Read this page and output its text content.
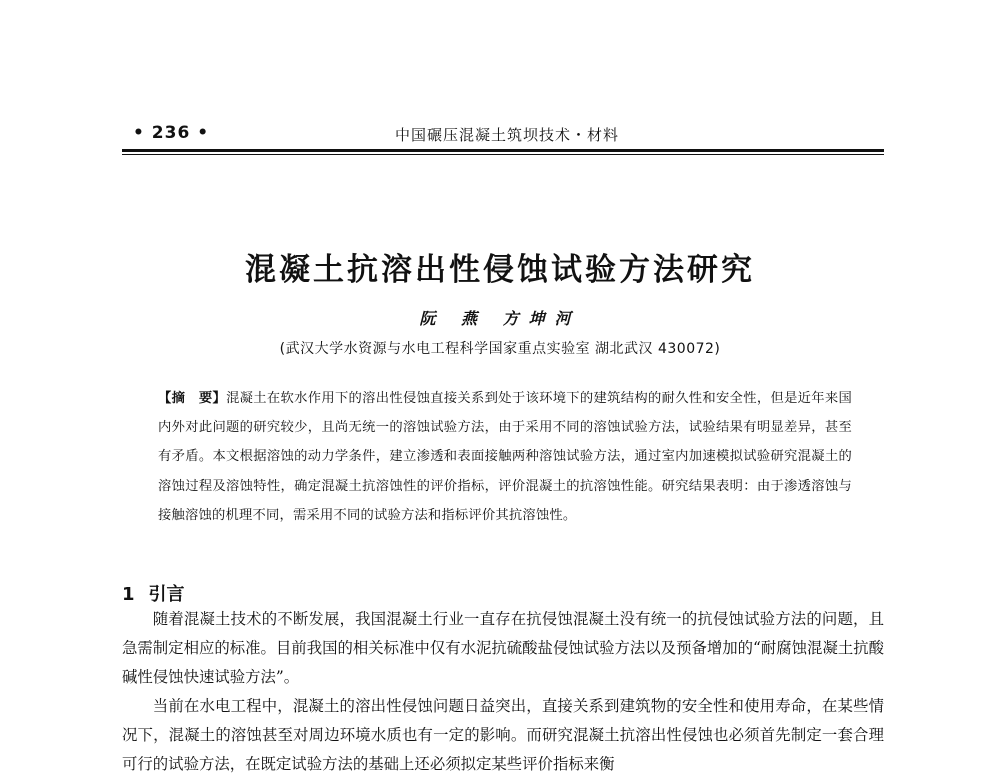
• 236 •	中国碾压混凝土筑坝技术・材料
混凝土抗溶出性侵蚀试验方法研究
阮 燕 方坤河
(武汉大学水资源与水电工程科学国家重点实验室 湖北武汉 430072)
【摘　要】混凝土在软水作用下的溶出性侵蚀直接关系到处于该环境下的建筑结构的耐久性和安全性，但是近年来国内外对此问题的研究较少，且尚无统一的溶蚀试验方法，由于采用不同的溶蚀试验方法，试验结果有明显差异，甚至有矛盾。本文根据溶蚀的动力学条件，建立渗透和表面接触两种溶蚀试验方法，通过室内加速模拟试验研究混凝土的溶蚀过程及溶蚀特性，确定混凝土抗溶蚀性的评价指标，评价混凝土的抗溶蚀性能。研究结果表明：由于渗透溶蚀与接触溶蚀的机理不同，需采用不同的试验方法和指标评价其抗溶蚀性。
1 引言

随着混凝土技术的不断发展，我国混凝土行业一直存在抗侵蚀混凝土没有统一的抗侵蚀试验方法的问题，且急需制定相应的标准。目前我国的相关标准中仅有水泥抗硫酸盐侵蚀试验方法以及预备增加的“耐腐蚀混凝土抗酸碱性侵蚀快速试验方法”。

当前在水电工程中，混凝土的溶出性侵蚀问题日益突出，直接关系到建筑物的安全性和使用寿命，在某些情况下，混凝土的溶蚀甚至对周边环境水质也有一定的影响。而研究混凝土抗溶出性侵蚀也必须首先制定一套合理可行的试验方法，在既定试验方法的基础上还必须拟定某些评价指标来衡
